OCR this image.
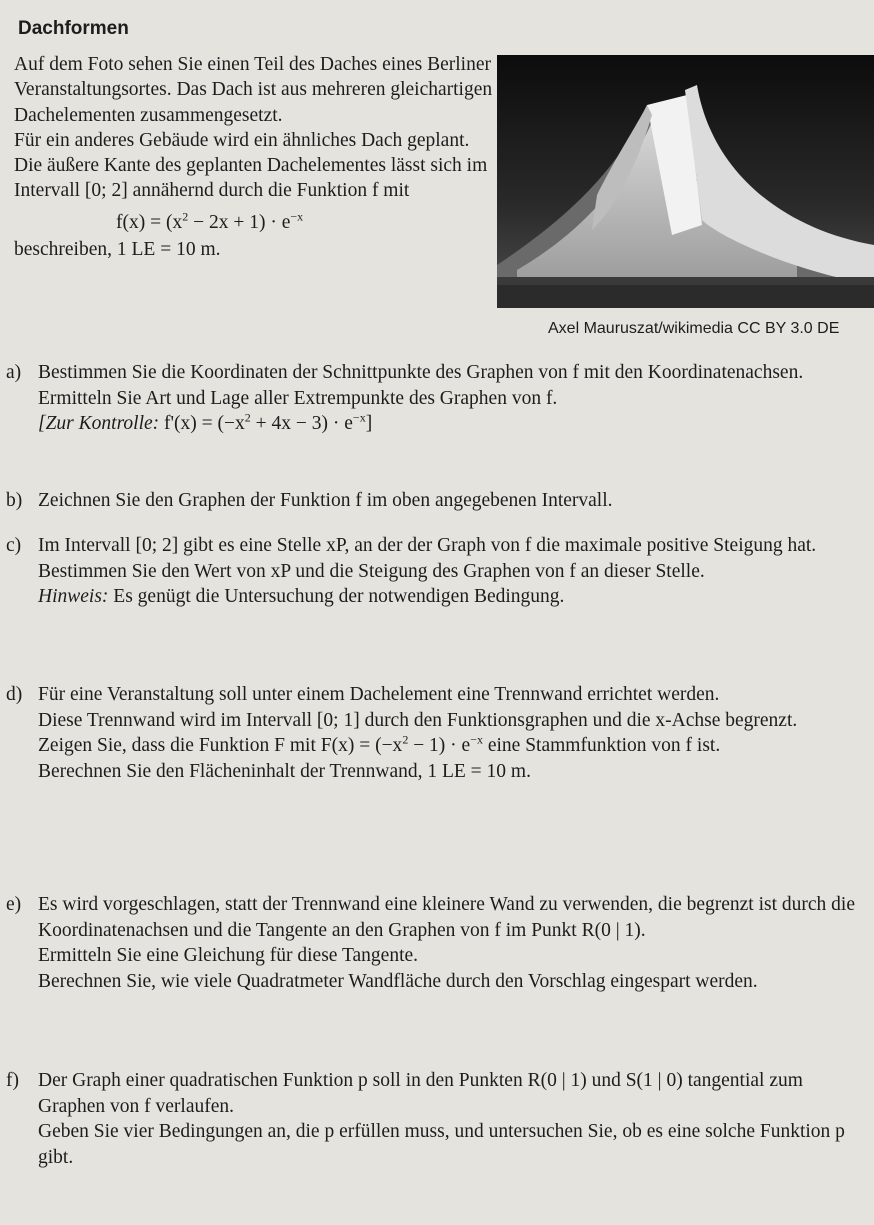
Dachformen

Auf dem Foto sehen Sie einen Teil des Daches eines Berliner Veranstaltungsortes. Das Dach ist aus mehreren gleichartigen Dachelementen zusammengesetzt.

Für ein anderes Gebäude wird ein ähnliches Dach geplant. Die äußere Kante des geplanten Dachelementes lässt sich im Intervall [0; 2] annähernd durch die Funktion f mit

$f(x) = (x^2 - 2x + 1) \cdot e^{-x}$

beschreiben, 1 LE = 10 m.

Axel Mauruszat/wikimedia CC BY 3.0 DE
a) Bestimmen Sie die Koordinaten der Schnittpunkte des Graphen von f mit den Koordinatenachsen.

Ermitteln Sie Art und Lage aller Extrempunkte des Graphen von f.

[Zur Kontrolle: $f'(x) = (-x^2 + 4x - 3) \cdot e^{-x}$]

b) Zeichnen Sie den Graphen der Funktion f im oben angegebenen Intervall.

c) Im Intervall [0; 2] gibt es eine Stelle xP, an der der Graph von f die maximale positive Steigung hat.

Bestimmen Sie den Wert von xP und die Steigung des Graphen von f an dieser Stelle.

Hinweis: Es genügt die Untersuchung der notwendigen Bedingung.

d) Für eine Veranstaltung soll unter einem Dachelement eine Trennwand errichtet werden.

Diese Trennwand wird im Intervall [0; 1] durch den Funktionsgraphen und die x-Achse begrenzt.

Zeigen Sie, dass die Funktion F mit $F(x) = (-x^2 - 1) \cdot e^{-x}$ eine Stammfunktion von f ist.

Berechnen Sie den Flächeninhalt der Trennwand, 1 LE = 10 m.

e) Es wird vorgeschlagen, statt der Trennwand eine kleinere Wand zu verwenden, die begrenzt ist durch die Koordinatenachsen und die Tangente an den Graphen von f im Punkt R(0 | 1).

Ermitteln Sie eine Gleichung für diese Tangente.

Berechnen Sie, wie viele Quadratmeter Wandfläche durch den Vorschlag eingespart werden.

f) Der Graph einer quadratischen Funktion p soll in den Punkten R(0 | 1) und S(1 | 0) tangential zum Graphen von f verlaufen.

Geben Sie vier Bedingungen an, die p erfüllen muss, und untersuchen Sie, ob es eine solche Funktion p gibt.
